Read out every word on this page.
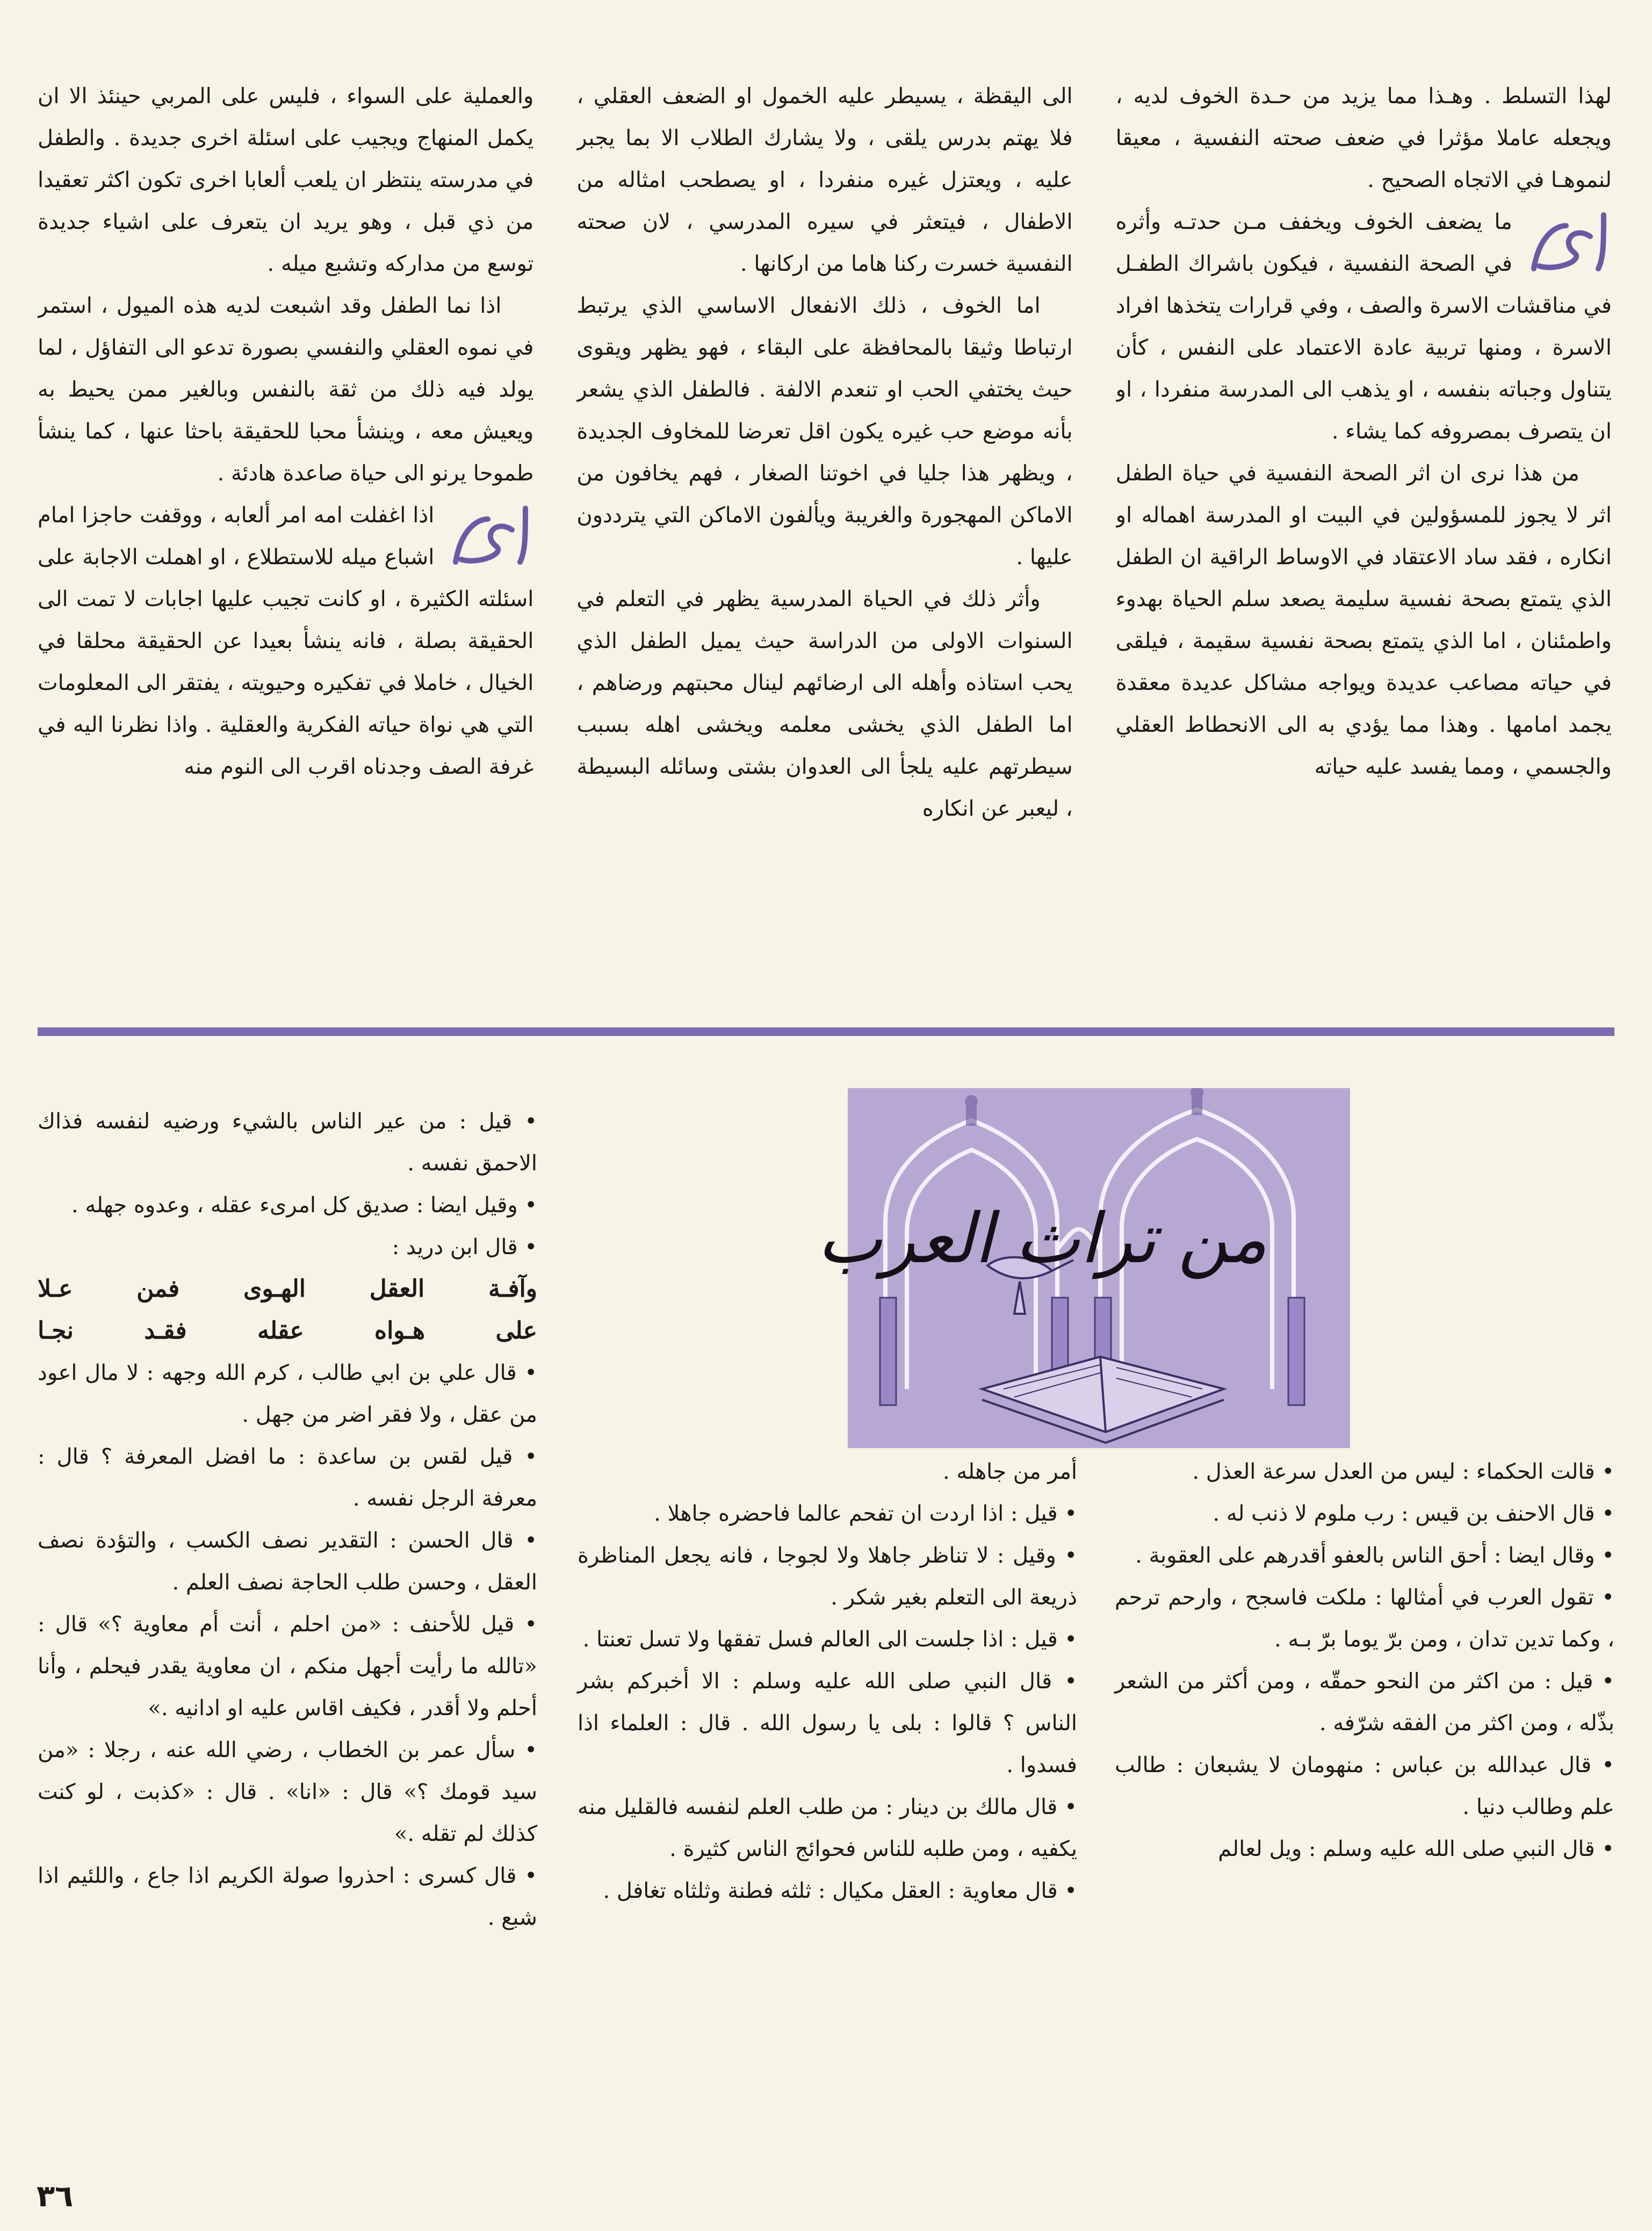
والعملية على السواء ، فليس على المربي حينئذ الا ان يكمل المنهاج ويجيب على اسئلة اخرى جديدة . والطفل في مدرسته ينتظر ان يلعب ألعابا اخرى تكون اكثر تعقيدا من ذي قبل ، وهو يريد ان يتعرف على اشياء جديدة توسع من مداركه وتشبع ميله .

اذا نما الطفل وقد اشبعت لديه هذه الميول ، استمر في نموه العقلي والنفسي بصورة تدعو الى التفاؤل ، لما يولد فيه ذلك من ثقة بالنفس وبالغير ممن يحيط به ويعيش معه ، وينشأ محبا للحقيقة باحثا عنها ، كما ينشأ طموحا يرنو الى حياة صاعدة هادئة .

اذا اغفلت امه امر ألعابه ، ووقفت حاجزا امام اشباع ميله للاستطلاع ، او اهملت الاجابة على اسئلته الكثيرة ، او كانت تجيب عليها اجابات لا تمت الى الحقيقة بصلة ، فانه ينشأ بعيدا عن الحقيقة محلقا في الخيال ، خاملا في تفكيره وحيويته ، يفتقر الى المعلومات التي هي نواة حياته الفكرية والعقلية . واذا نظرنا اليه في غرفة الصف وجدناه اقرب الى النوم منه

الى اليقظة ، يسيطر عليه الخمول او الضعف العقلي ، فلا يهتم بدرس يلقى ، ولا يشارك الطلاب الا بما يجبر عليه ، ويعتزل غيره منفردا ، او يصطحب امثاله من الاطفال ، فيتعثر في سيره المدرسي ، لان صحته النفسية خسرت ركنا هاما من اركانها .

اما الخوف ، ذلك الانفعال الاساسي الذي يرتبط ارتباطا وثيقا بالمحافظة على البقاء ، فهو يظهر ويقوى حيث يختفي الحب او تنعدم الالفة . فالطفل الذي يشعر بأنه موضع حب غيره يكون اقل تعرضا للمخاوف الجديدة ، ويظهر هذا جليا في اخوتنا الصغار ، فهم يخافون من الاماكن المهجورة والغريبة ويألفون الاماكن التي يترددون عليها .

وأثر ذلك في الحياة المدرسية يظهر في التعلم في السنوات الاولى من الدراسة حيث يميل الطفل الذي يحب استاذه وأهله الى ارضائهم لينال محبتهم ورضاهم ، اما الطفل الذي يخشى معلمه ويخشى اهله بسبب سيطرتهم عليه يلجأ الى العدوان بشتى وسائله البسيطة ، ليعبر عن انكاره

لهذا التسلط . وهـذا مما يزيد من حـدة الخوف لديه ، ويجعله عاملا مؤثرا في ضعف صحته النفسية ، معيقا لنموهـا في الاتجاه الصحيح .

ما يضعف الخوف ويخفف مـن حدتـه وأثره في الصحة النفسية ، فيكون باشراك الطفـل في مناقشات الاسرة والصف ، وفي قرارات يتخذها افراد الاسرة ، ومنها تربية عادة الاعتماد على النفس ، كأن يتناول وجباته بنفسه ، او يذهب الى المدرسة منفردا ، او ان يتصرف بمصروفه كما يشاء .

من هذا نرى ان اثر الصحة النفسية في حياة الطفل اثر لا يجوز للمسؤولين في البيت او المدرسة اهماله او انكاره ، فقد ساد الاعتقاد في الاوساط الراقية ان الطفل الذي يتمتع بصحة نفسية سليمة يصعد سلم الحياة بهدوء واطمئنان ، اما الذي يتمتع بصحة نفسية سقيمة ، فيلقى في حياته مصاعب عديدة ويواجه مشاكل عديدة معقدة يجمد امامها . وهذا مما يؤدي به الى الانحطاط العقلي والجسمي ، ومما يفسد عليه حياته

من تراث العرب

• قالت الحكماء : ليس من العدل سرعة العذل .

• قال الاحنف بن قيس : رب ملوم لا ذنب له .

• وقال ايضا : أحق الناس بالعفو أقدرهم على العقوبة .

• تقول العرب في أمثالها : ملكت فاسجح ، وارحم ترحم ، وكما تدين تدان ، ومن برّ يوما برّ بـه .

• قيل : من اكثر من النحو حمقّه ، ومن أكثر من الشعر بذّله ، ومن اكثر من الفقه شرّفه .

• قال عبدالله بن عباس : منهومان لا يشبعان : طالب علم وطالب دنيا .

• قال النبي صلى الله عليه وسلم : ويل لعالم

أمر من جاهله .

• قيل : اذا اردت ان تفحم عالما فاحضره جاهلا .

• وقيل : لا تناظر جاهلا ولا لجوجا ، فانه يجعل المناظرة ذريعة الى التعلم بغير شكر .

• قيل : اذا جلست الى العالم فسل تفقها ولا تسل تعنتا .

• قال النبي صلى الله عليه وسلم : الا أخبركم بشر الناس ؟ قالوا : بلى يا رسول الله . قال : العلماء اذا فسدوا .

• قال مالك بن دينار : من طلب العلم لنفسه فالقليل منه يكفيه ، ومن طلبه للناس فحوائج الناس كثيرة .

• قال معاوية : العقل مكيال : ثلثه فطنة وثلثاه تغافل .

• قيل : من عير الناس بالشيء ورضيه لنفسه فذاك الاحمق نفسه .

• وقيل ايضا : صديق كل امرىء عقله ، وعدوه جهله .

• قال ابن دريد :

وآفـة العقل الهـوى فمن عـلا

على هـواه عقله فقـد نجـا

• قال علي بن ابي طالب ، كرم الله وجهه : لا مال اعود من عقل ، ولا فقر اضر من جهل .

• قيل لقس بن ساعدة : ما افضل المعرفة ؟ قال : معرفة الرجل نفسه .

• قال الحسن : التقدير نصف الكسب ، والتؤدة نصف العقل ، وحسن طلب الحاجة نصف العلم .

• قيل للأحنف : «من احلم ، أنت أم معاوية ؟» قال : «تالله ما رأيت أجهل منكم ، ان معاوية يقدر فيحلم ، وأنا أحلم ولا أقدر ، فكيف اقاس عليه او ادانيه .»

• سأل عمر بن الخطاب ، رضي الله عنه ، رجلا : «من سيد قومك ؟» قال : «انا» . قال : «كذبت ، لو كنت كذلك لم تقله .»

• قال كسرى : احذروا صولة الكريم اذا جاع ، واللئيم اذا شبع .

٣٦
